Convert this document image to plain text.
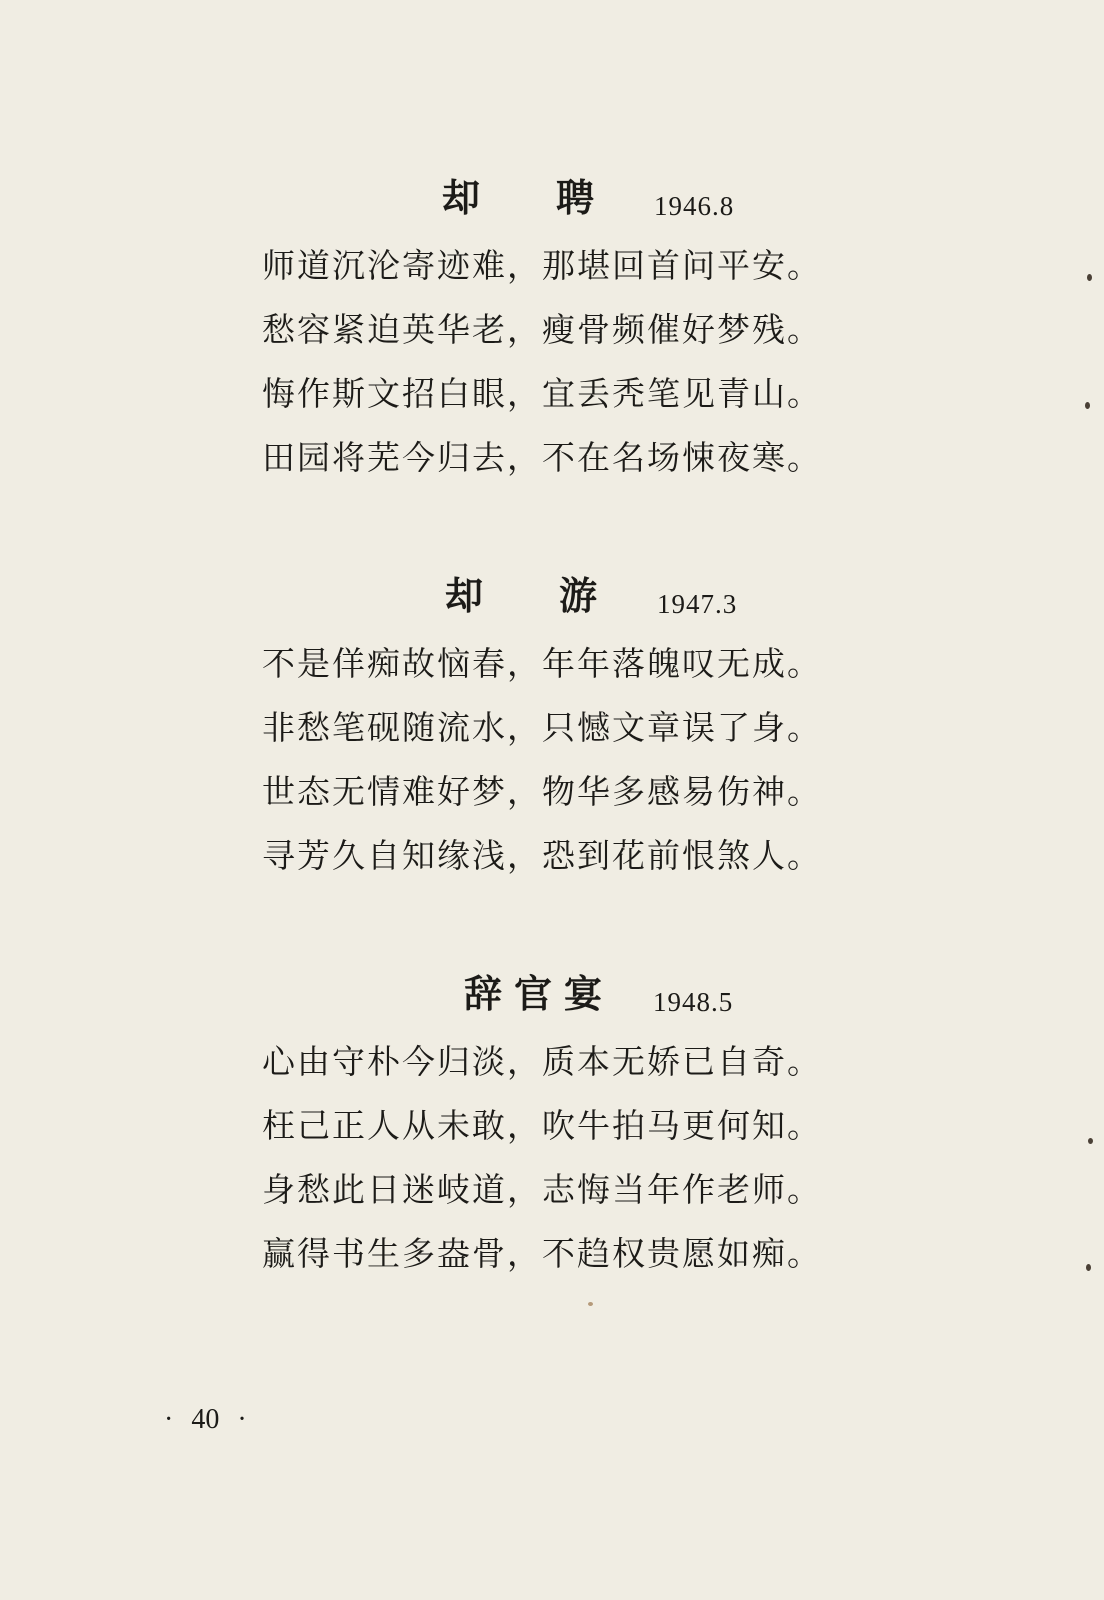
却　　聘 1946.8
师道沉沦寄迹难，那堪回首问平安。
愁容紧迫英华老，瘦骨频催好梦残。
悔作斯文招白眼，宜丢秃笔见青山。
田园将芜今归去，不在名场悚夜寒。
却　　游 1947.3
不是佯痴故恼春，年年落魄叹无成。
非愁笔砚随流水，只憾文章误了身。
世态无情难好梦，物华多感易伤神。
寻芳久自知缘浅，恐到花前恨煞人。
辞官宴 1948.5
心由守朴今归淡，质本无娇已自奇。
枉己正人从未敢，吹牛拍马更何知。
身愁此日迷岐道，志悔当年作老师。
赢得书生多盎骨，不趋权贵愿如痴。
· 40 ·
